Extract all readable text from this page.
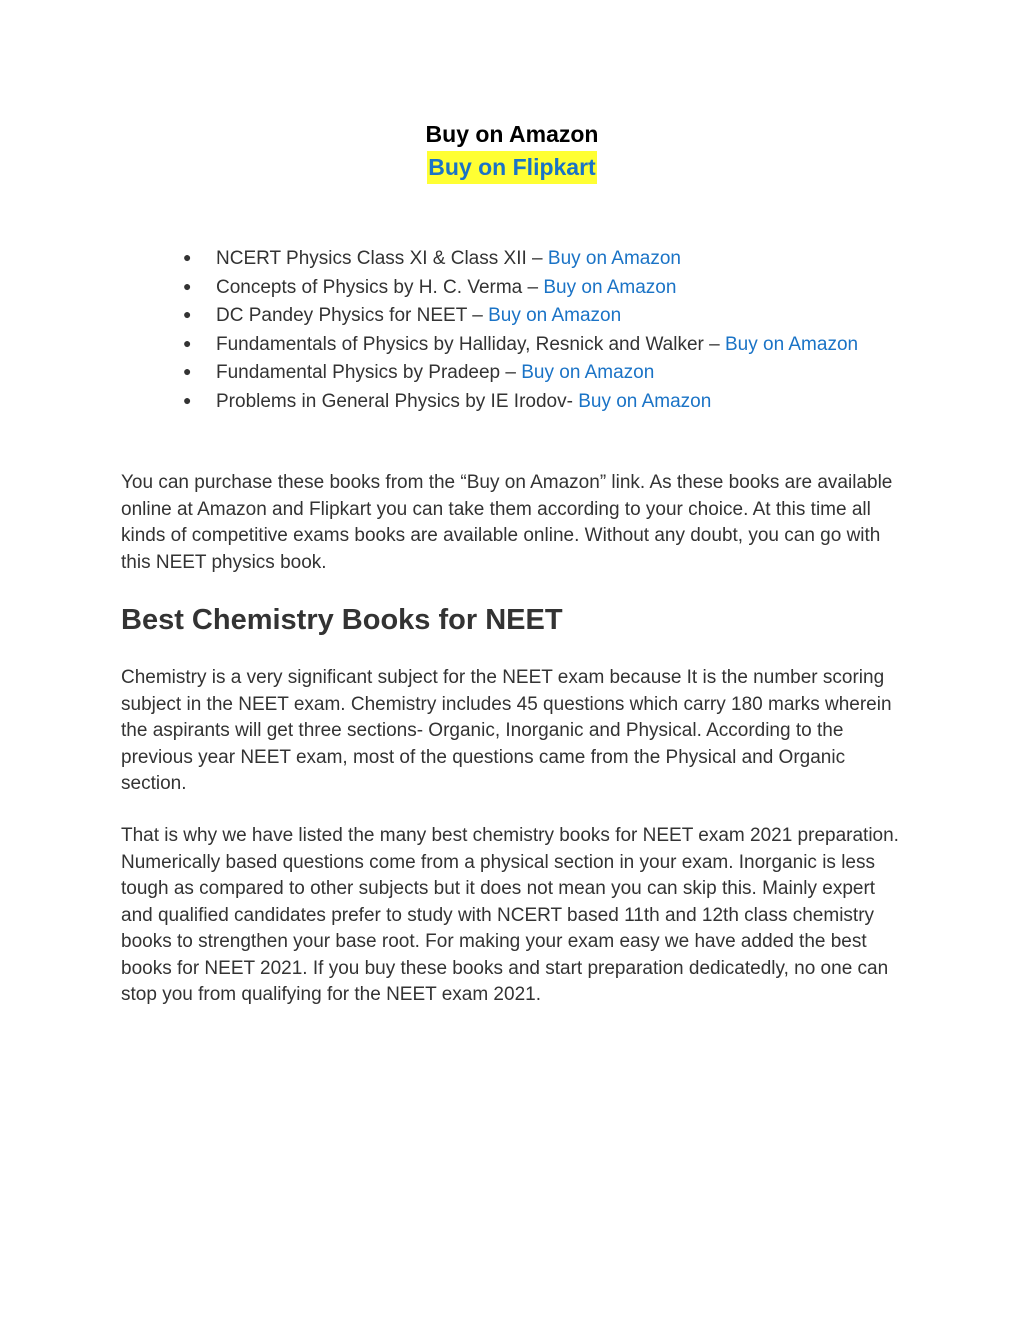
Buy on Amazon
Buy on Flipkart
● NCERT Physics Class XI & Class XII – Buy on Amazon
● Concepts of Physics by H. C. Verma – Buy on Amazon
● DC Pandey Physics for NEET – Buy on Amazon
● Fundamentals of Physics by Halliday, Resnick and Walker – Buy on Amazon
● Fundamental Physics by Pradeep – Buy on Amazon
● Problems in General Physics by IE Irodov- Buy on Amazon

You can purchase these books from the “Buy on Amazon” link. As these books are available online at Amazon and Flipkart you can take them according to your choice. At this time all kinds of competitive exams books are available online. Without any doubt, you can go with this NEET physics book.

Best Chemistry Books for NEET

Chemistry is a very significant subject for the NEET exam because It is the number scoring subject in the NEET exam. Chemistry includes 45 questions which carry 180 marks wherein the aspirants will get three sections- Organic, Inorganic and Physical. According to the previous year NEET exam, most of the questions came from the Physical and Organic section.

That is why we have listed the many best chemistry books for NEET exam 2021 preparation. Numerically based questions come from a physical section in your exam. Inorganic is less tough as compared to other subjects but it does not mean you can skip this. Mainly expert and qualified candidates prefer to study with NCERT based 11th and 12th class chemistry books to strengthen your base root. For making your exam easy we have added the best books for NEET 2021. If you buy these books and start preparation dedicatedly, no one can stop you from qualifying for the NEET exam 2021.
